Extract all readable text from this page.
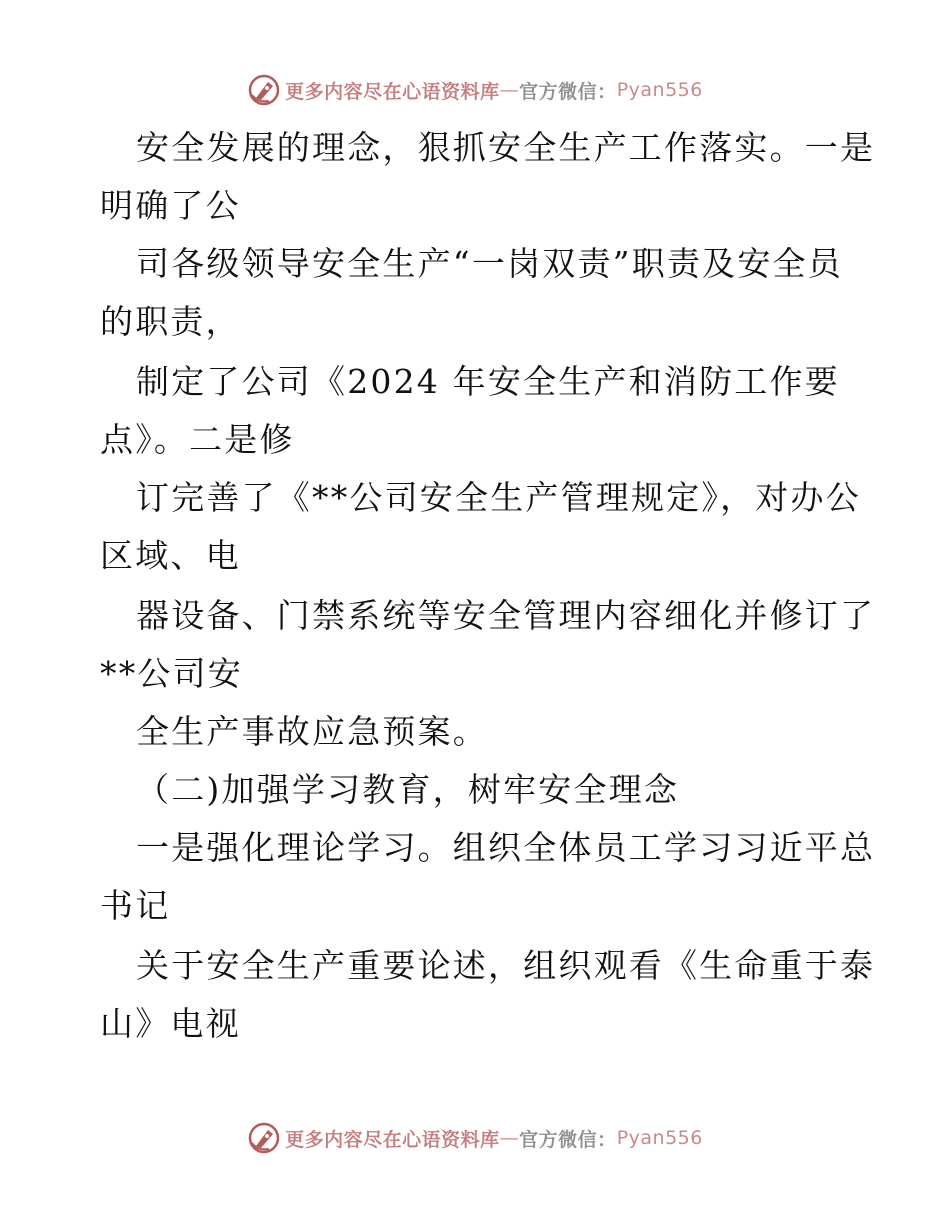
更多内容尽在心语资料库 — 官方微信： Pyan556
安全发展的理念，狠抓安全生产工作落实。一是
明确了公
司各级领导安全生产“一岗双责”职责及安全员
的职责，
制定了公司《2024 年安全生产和消防工作要
点》。二是修
订完善了《**公司安全生产管理规定》，对办公
区域、电
器设备、门禁系统等安全管理内容细化并修订了
**公司安
全生产事故应急预案。
（二)加强学习教育，树牢安全理念
一是强化理论学习。组织全体员工学习习近平总
书记
关于安全生产重要论述，组织观看《生命重于泰
山》电视
更多内容尽在心语资料库 — 官方微信： Pyan556
